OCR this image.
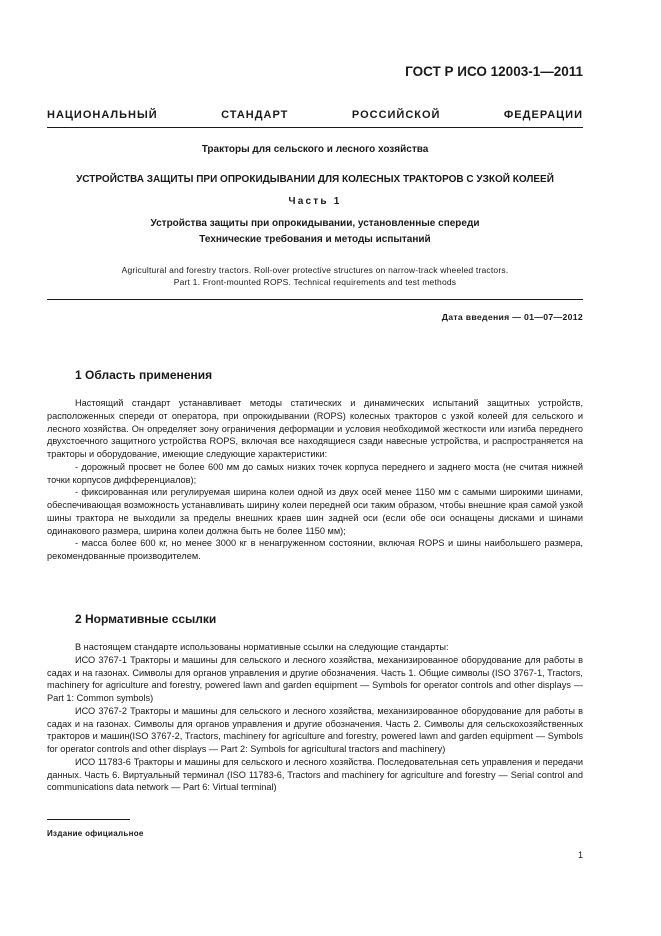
ГОСТ Р ИСО 12003-1—2011
НАЦИОНАЛЬНЫЙ	СТАНДАРТ	РОССИЙСКОЙ	ФЕДЕРАЦИИ
Тракторы для сельского и лесного хозяйства
УСТРОЙСТВА ЗАЩИТЫ ПРИ ОПРОКИДЫВАНИИ ДЛЯ КОЛЕСНЫХ ТРАКТОРОВ С УЗКОЙ КОЛЕЕЙ
Часть 1
Устройства защиты при опрокидывании, установленные спереди
Технические требования и методы испытаний
Agricultural and forestry tractors. Roll-over protective structures on narrow-track wheeled tractors.
Part 1. Front-mounted ROPS. Technical requirements and test methods
Дата введения — 01—07—2012
1 Область применения

Настоящий стандарт устанавливает методы статических и динамических испытаний защитных устройств, расположенных спереди от оператора, при опрокидывании (ROPS) колесных тракторов с узкой колеей для сельского и лесного хозяйства. Он определяет зону ограничения деформации и условия необходимой жесткости или изгиба переднего двухстоечного защитного устройства ROPS, включая все находящиеся сзади навесные устройства, и распространяется на тракторы и оборудование, имеющие следующие характеристики:

- дорожный просвет не более 600 мм до самых низких точек корпуса переднего и заднего моста (не считая нижней точки корпусов дифференциалов);

- фиксированная или регулируемая ширина колеи одной из двух осей менее 1150 мм с самыми широкими шинами, обеспечивающая возможность устанавливать ширину колеи передней оси таким образом, чтобы внешние края самой узкой шины трактора не выходили за пределы внешних краев шин задней оси (если обе оси оснащены дисками и шинами одинакового размера, ширина колеи должна быть не более 1150 мм);

- масса более 600 кг, но менее 3000 кг в ненагруженном состоянии, включая ROPS и шины наибольшего размера, рекомендованные производителем.

2 Нормативные ссылки

В настоящем стандарте использованы нормативные ссылки на следующие стандарты:

ИСО 3767-1 Тракторы и машины для сельского и лесного хозяйства, механизированное оборудование для работы в садах и на газонах. Символы для органов управления и другие обозначения. Часть 1. Общие символы (ISO 3767-1, Tractors, machinery for agriculture and forestry, powered lawn and garden equipment — Symbols for operator controls and other displays — Part 1: Common symbols)

ИСО 3767-2 Тракторы и машины для сельского и лесного хозяйства, механизированное оборудование для работы в садах и на газонах. Символы для органов управления и другие обозначения. Часть 2. Символы для сельскохозяйственных тракторов и машин(ISO 3767-2, Tractors, machinery for agriculture and forestry, powered lawn and garden equipment — Symbols for operator controls and other displays — Part 2: Symbols for agricultural tractors and machinery)

ИСО 11783-6 Тракторы и машины для сельского и лесного хозяйства. Последовательная сеть управления и передачи данных. Часть 6. Виртуальный терминал (ISO 11783-6, Tractors and machinery for agriculture and forestry — Serial control and communications data network — Part 6: Virtual terminal)

Издание официальное
1
